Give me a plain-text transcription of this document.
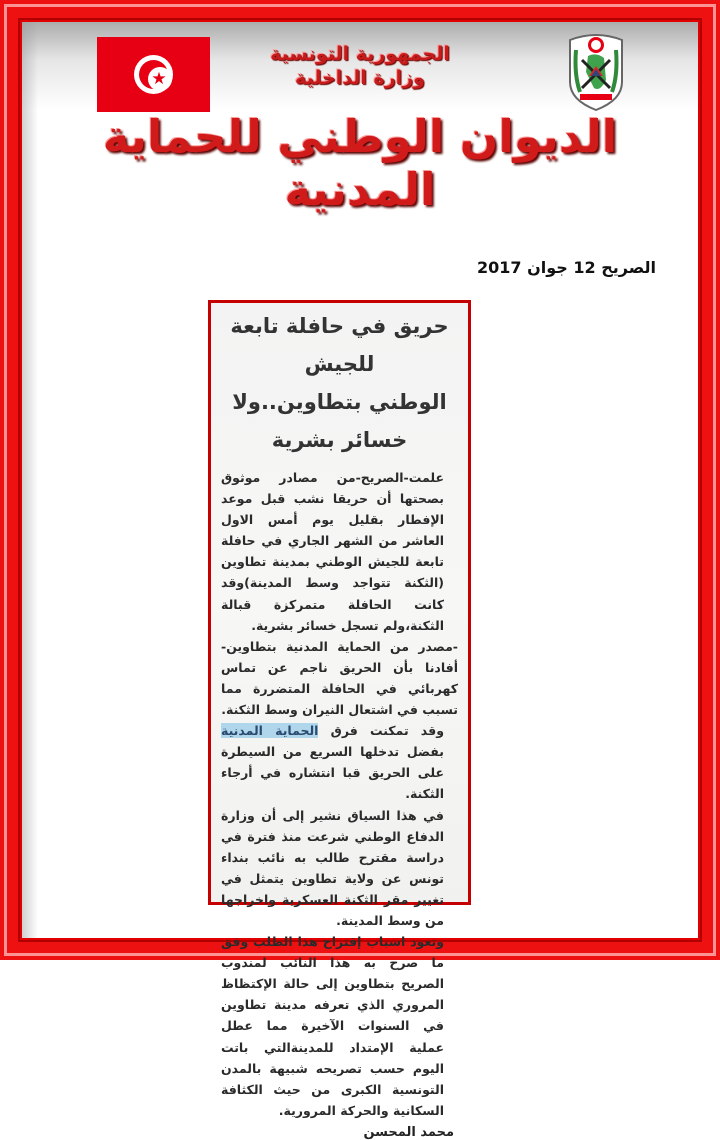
★
الجمهورية التونسية
وزارة الداخلية
الديوان الوطني للحماية المدنية
الصريح 12 جوان 2017
حريق في حافلة تابعة للجيش
الوطني بتطاوين..ولا خسائر بشرية

علمت-الصريح-من مصادر موثوق بصحتها أن حريقا نشب قبل موعد الإفطار بقليل يوم أمس الاول العاشر من الشهر الجاري في حافلة تابعة للجيش الوطني بمدينة تطاوين (الثكنة تتواجد وسط المدينة)وقد كانت الحافلة متمركزة قبالة الثكنة،ولم تسجل خسائر بشرية.

-مصدر من الحماية المدنية بتطاوين- أفادنا بأن الحريق ناجم عن تماس كهربائي في الحافلة المتضررة مما تسبب في اشتعال النيران وسط الثكنة.

وقد تمكنت فرق الحماية المدنية بفضل تدخلها السريع من السيطرة على الحريق قبا انتشاره في أرجاء الثكنة.

في هذا السياق نشير إلى أن وزارة الدفاع الوطني شرعت منذ فترة في دراسة مقترح طالب به نائب بنداء تونس عن ولاية تطاوين يتمثل في تغيير مقر الثكنة العسكرية واخراجها من وسط المدينة.

وتعود اسباب إقتراح هذا الطلب وفق ما صرح به هذا النائب لمندوب الصريح بتطاوين إلى حالة الإكتظاظ المروري الذي تعرفه مدينة تطاوين في السنوات الآخيرة مما عطل عملية الإمتداد للمدينةالتي باتت اليوم حسب تصريحه شبيهة بالمدن التونسية الكبرى من حيث الكثافة السكانية والحركة المرورية.

محمد المحسن
